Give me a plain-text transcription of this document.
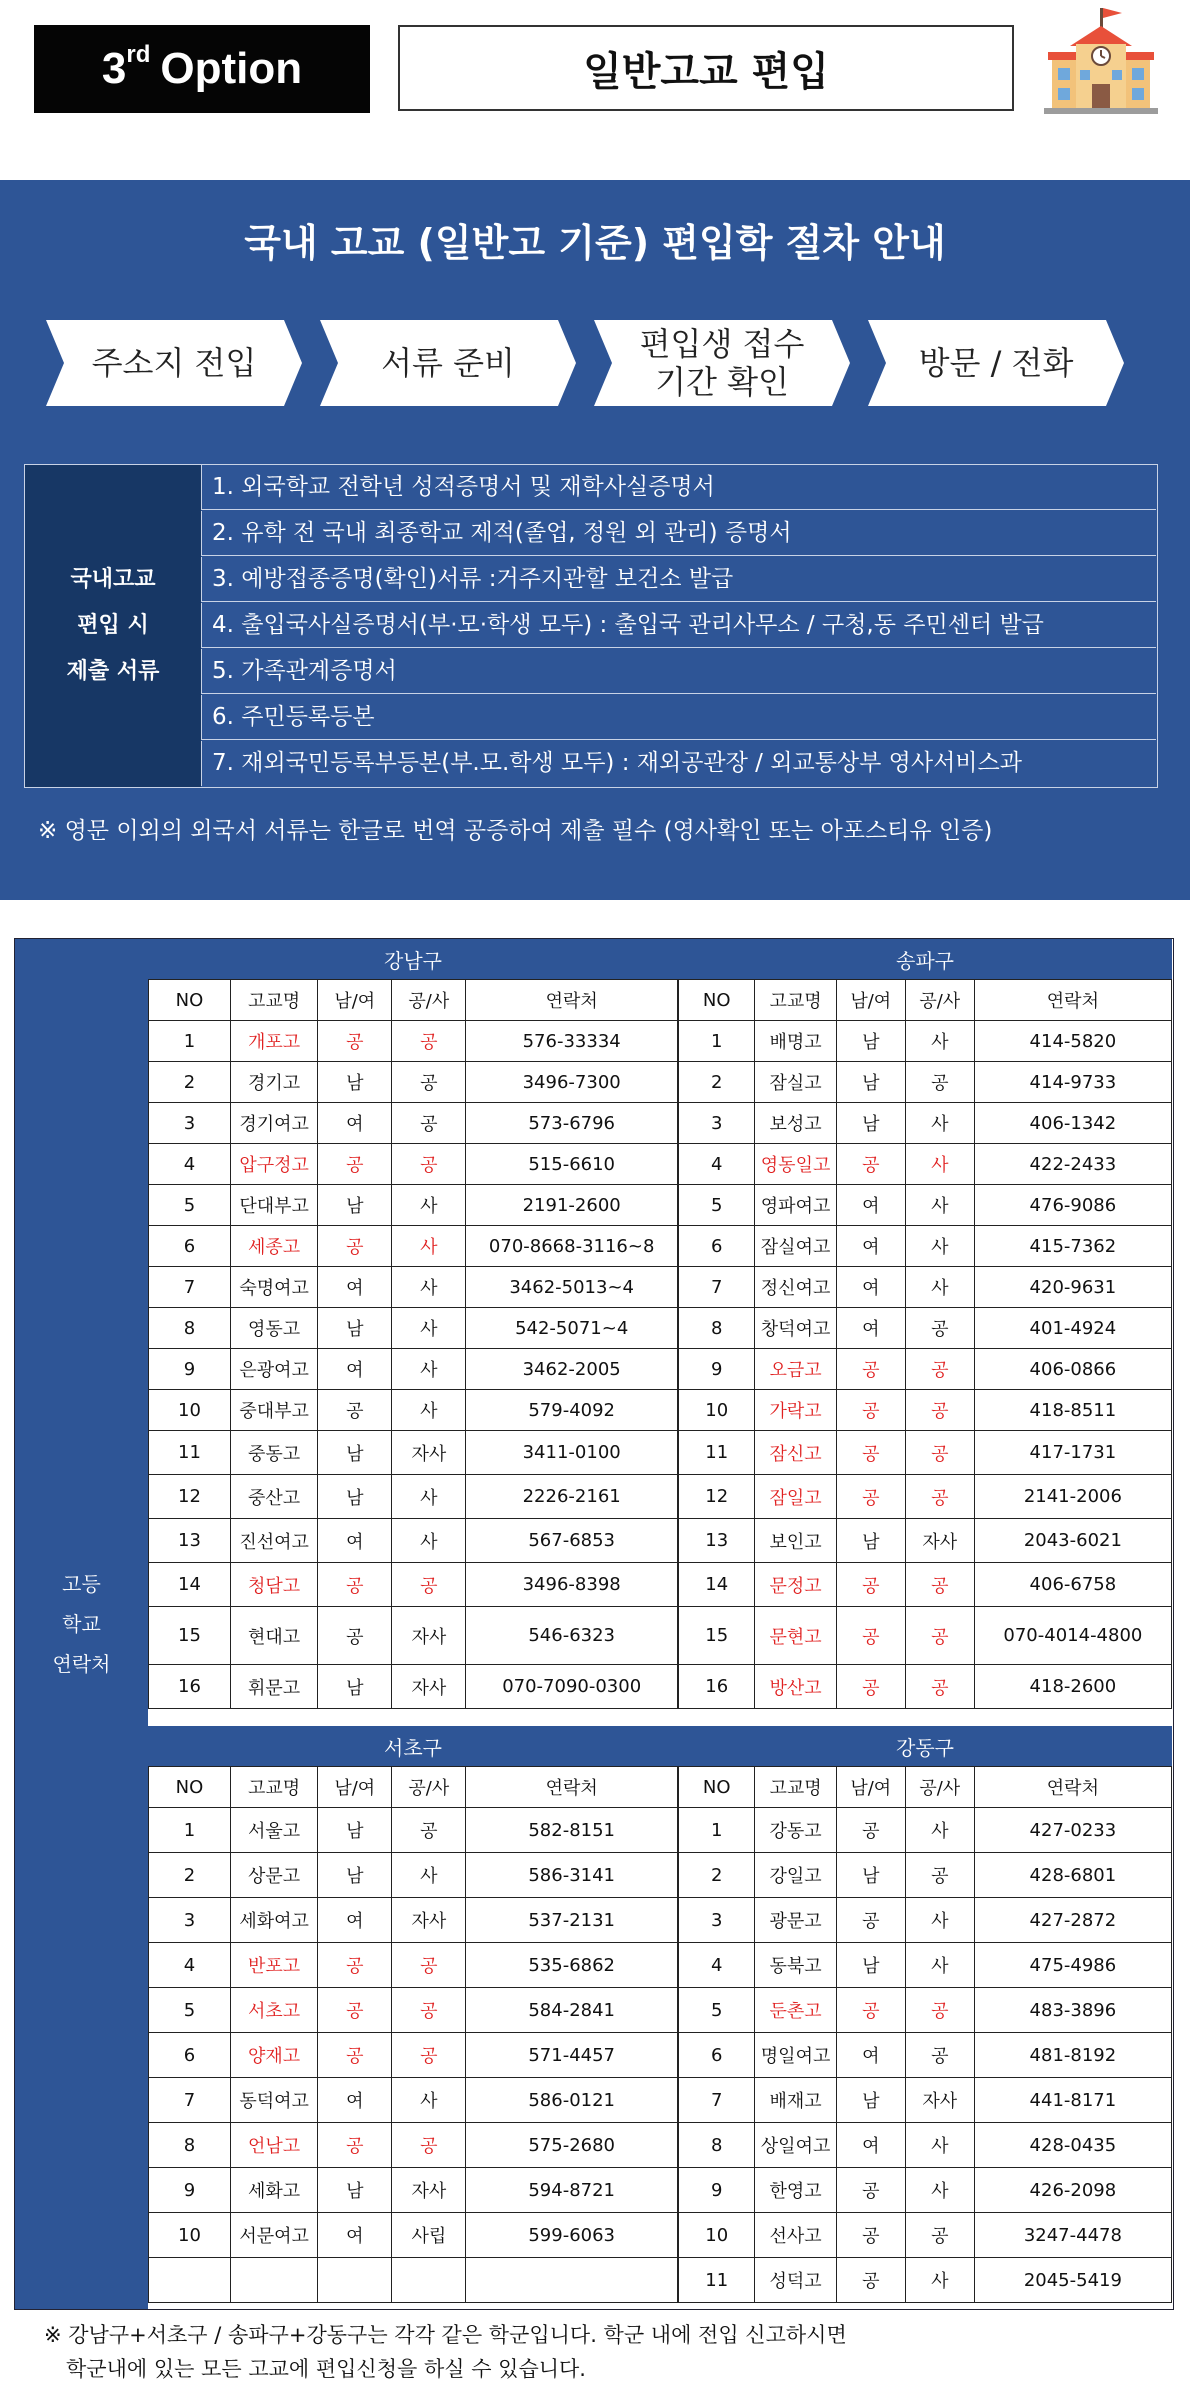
3rd Option	일반고교 편입
국내 고교 (일반고 기준) 편입학 절차 안내
주소지 전입	서류 준비	편입생 접수
기간 확인	방문 / 전화
국내고교
편입 시
제출 서류
1. 외국학교 전학년 성적증명서 및 재학사실증명서
2. 유학 전 국내 최종학교 제적(졸업, 정원 외 관리) 증명서
3. 예방접종증명(확인)서류 :거주지관할 보건소 발급
4. 출입국사실증명서(부·모·학생 모두) : 출입국 관리사무소 / 구청,동 주민센터 발급
5. 가족관계증명서
6. 주민등록등본
7. 재외국민등록부등본(부.모.학생 모두) : 재외공관장 / 외교통상부 영사서비스과
※ 영문 이외의 외국서 서류는 한글로 번역 공증하여 제출 필수 (영사확인 또는 아포스티유 인증)
고등
학교
연락처
강남구
NO	고교명	남/여	공/사	연락처
1	개포고	공	공	576-33334
2	경기고	남	공	3496-7300
3	경기여고	여	공	573-6796
4	압구정고	공	공	515-6610
5	단대부고	남	사	2191-2600
6	세종고	공	사	070-8668-3116~8
7	숙명여고	여	사	3462-5013~4
8	영동고	남	사	542-5071~4
9	은광여고	여	사	3462-2005
10	중대부고	공	사	579-4092
11	중동고	남	자사	3411-0100
12	중산고	남	사	2226-2161
13	진선여고	여	사	567-6853
14	청담고	공	공	3496-8398
15	현대고	공	자사	546-6323
16	휘문고	남	자사	070-7090-0300
송파구
NO	고교명	남/여	공/사	연락처
1	배명고	남	사	414-5820
2	잠실고	남	공	414-9733
3	보성고	남	사	406-1342
4	영동일고	공	사	422-2433
5	영파여고	여	사	476-9086
6	잠실여고	여	사	415-7362
7	정신여고	여	사	420-9631
8	창덕여고	여	공	401-4924
9	오금고	공	공	406-0866
10	가락고	공	공	418-8511
11	잠신고	공	공	417-1731
12	잠일고	공	공	2141-2006
13	보인고	남	자사	2043-6021
14	문정고	공	공	406-6758
15	문현고	공	공	070-4014-4800
16	방산고	공	공	418-2600
서초구
NO	고교명	남/여	공/사	연락처
1	서울고	남	공	582-8151
2	상문고	남	사	586-3141
3	세화여고	여	자사	537-2131
4	반포고	공	공	535-6862
5	서초고	공	공	584-2841
6	양재고	공	공	571-4457
7	동덕여고	여	사	586-0121
8	언남고	공	공	575-2680
9	세화고	남	자사	594-8721
10	서문여고	여	사립	599-6063

강동구
NO	고교명	남/여	공/사	연락처
1	강동고	공	사	427-0233
2	강일고	남	공	428-6801
3	광문고	공	사	427-2872
4	동북고	남	사	475-4986
5	둔촌고	공	공	483-3896
6	명일여고	여	공	481-8192
7	배재고	남	자사	441-8171
8	상일여고	여	사	428-0435
9	한영고	공	사	426-2098
10	선사고	공	공	3247-4478
11	성덕고	공	사	2045-5419
※ 강남구+서초구 / 송파구+강동구는 각각 같은 학군입니다. 학군 내에 전입 신고하시면
학군내에 있는 모든 고교에 편입신청을 하실 수 있습니다.
